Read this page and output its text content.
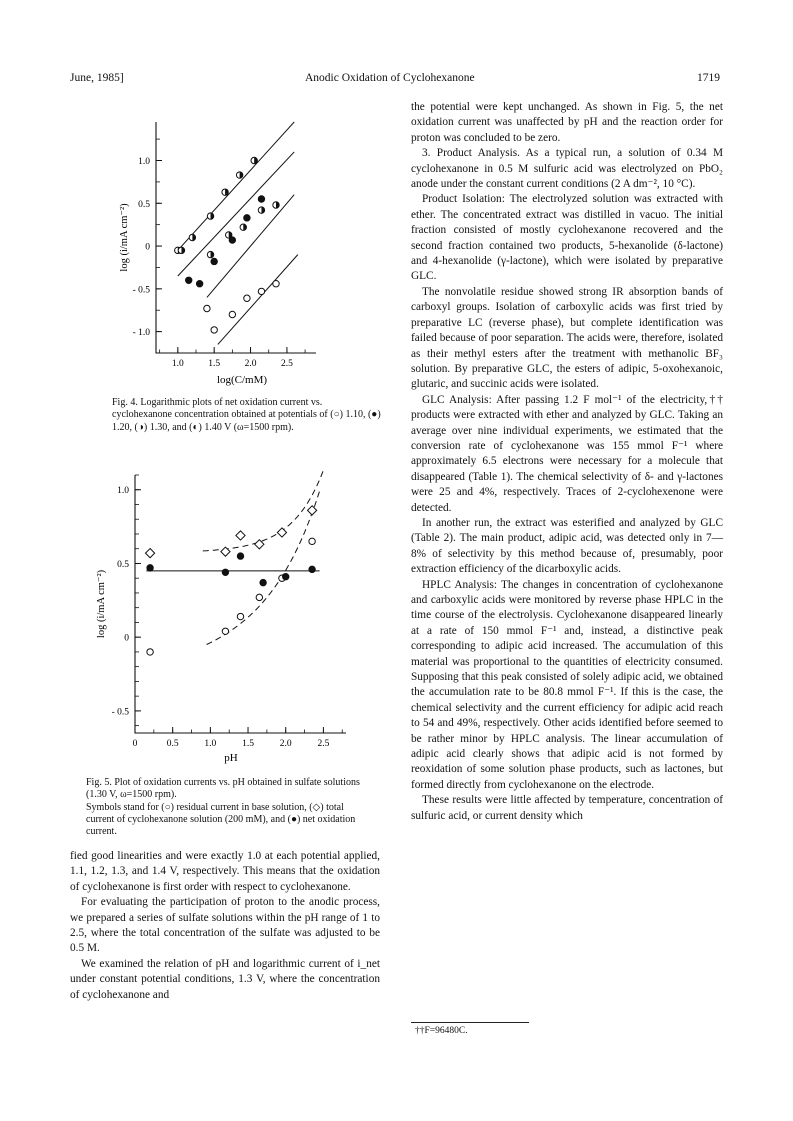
June, 1985]	Anodic Oxidation of Cyclohexanone	1719
1.0
0.5
0
- 0.5
- 1.0
1.0	1.5	2.0	2.5
log (i/mA cm⁻²)
log(C/mM)
1.0
0.5
0
- 0.5
0	0.5	1.0	1.5	2.0	2.5
log (i/mA cm⁻²)
pH

Fig. 4. Logarithmic plots of net oxidation current vs. cyclohexanone concentration obtained at potentials of (○) 1.10, (●) 1.20, (◑) 1.30, and (◐) 1.40 V (ω=1500 rpm).

Fig. 5. Plot of oxidation currents vs. pH obtained in sulfate solutions (1.30 V, ω=1500 rpm).

Symbols stand for (○) residual current in base solution, (◇) total current of cyclohexanone solution (200 mM), and (●) net oxidation current.

fied good linearities and were exactly 1.0 at each potential applied, 1.1, 1.2, 1.3, and 1.4 V, respectively. This means that the oxidation of cyclohexanone is first order with respect to cyclohexanone.

For evaluating the participation of proton to the anodic process, we prepared a series of sulfate solutions within the pH range of 1 to 2.5, where the total concentration of the sulfate was adjusted to be 0.5 M.

We examined the relation of pH and logarithmic current of i_net under constant potential conditions, 1.3 V, where the concentration of cyclohexanone and

the potential were kept unchanged. As shown in Fig. 5, the net oxidation current was unaffected by pH and the reaction order for proton was concluded to be zero.

3. Product Analysis. As a typical run, a solution of 0.34 M cyclohexanone in 0.5 M sulfuric acid was electrolyzed on PbO₂ anode under the constant current conditions (2 A dm⁻², 10 °C).

Product Isolation: The electrolyzed solution was extracted with ether. The concentrated extract was distilled in vacuo. The initial fraction consisted of mostly cyclohexanone recovered and the second fraction contained two products, 5-hexanolide (δ-lactone) and 4-hexanolide (γ-lactone), which were isolated by preparative GLC.

The nonvolatile residue showed strong IR absorption bands of carboxyl groups. Isolation of carboxylic acids was first tried by preparative LC (reverse phase), but complete identification was failed because of poor separation. The acids were, therefore, isolated as their methyl esters after the treatment with methanolic BF₃ solution. By preparative GLC, the esters of adipic, 5-oxohexanoic, glutaric, and succinic acids were isolated.

GLC Analysis: After passing 1.2 F mol⁻¹ of the electricity,†† products were extracted with ether and analyzed by GLC. Taking an average over nine individual experiments, we estimated that the conversion rate of cyclohexanone was 155 mmol F⁻¹ where approximately 6.5 electrons were necessary for a molecule that disappeared (Table 1). The chemical selectivity of δ- and γ-lactones were 25 and 4%, respectively. Traces of 2-cyclohexenone were detected.

In another run, the extract was esterified and analyzed by GLC (Table 2). The main product, adipic acid, was detected only in 7—8% of selectivity by this method because of, presumably, poor extraction efficiency of the dicarboxylic acids.

HPLC Analysis: The changes in concentration of cyclohexanone and carboxylic acids were monitored by reverse phase HPLC in the time course of the electrolysis. Cyclohexanone disappeared linearly at a rate of 150 mmol F⁻¹ and, instead, a distinctive peak corresponding to adipic acid increased. The accumulation of this material was proportional to the quantities of electricity consumed. Supposing that this peak consisted of solely adipic acid, we obtained the accumulation rate to be 80.8 mmol F⁻¹. If this is the case, the chemical selectivity and the current efficiency for adipic acid reach to 54 and 49%, respectively. Other acids identified before seemed to be rather minor by HPLC analysis. The linear accumulation of adipic acid clearly shows that adipic acid is not formed by reoxidation of some solution phase products, such as lactones, but formed directly from cyclohexanone on the electrode.

These results were little affected by temperature, concentration of sulfuric acid, or current density which

††F=96480C.
